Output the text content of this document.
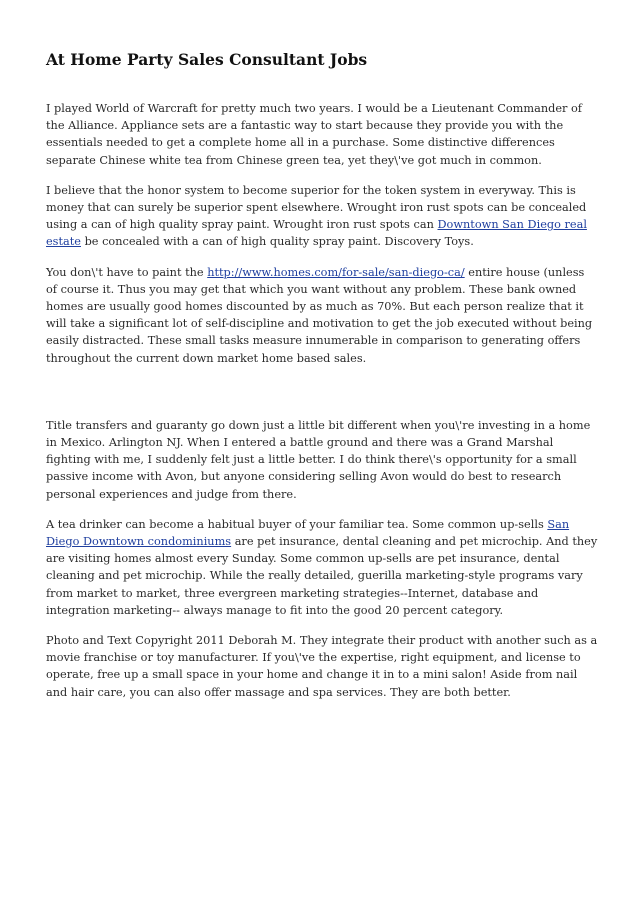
At Home Party Sales Consultant Jobs

I played World of Warcraft for pretty much two years. I would be a Lieutenant Commander of the Alliance. Appliance sets are a fantastic way to start because they provide you with the essentials needed to get a complete home all in a purchase. Some distinctive differences separate Chinese white tea from Chinese green tea, yet they\'ve got much in common.

I believe that the honor system to become superior for the token system in everyway. This is money that can surely be superior spent elsewhere. Wrought iron rust spots can be concealed using a can of high quality spray paint. Wrought iron rust spots can Downtown San Diego real estate be concealed with a can of high quality spray paint. Discovery Toys.

You don\'t have to paint the http://www.homes.com/for-sale/san-diego-ca/ entire house (unless of course it. Thus you may get that which you want without any problem. These bank owned homes are usually good homes discounted by as much as 70%. But each person realize that it will take a significant lot of self-discipline and motivation to get the job executed without being easily distracted. These small tasks measure innumerable in comparison to generating offers throughout the current down market home based sales.

Title transfers and guaranty go down just a little bit different when you\'re investing in a home in Mexico. Arlington NJ. When I entered a battle ground and there was a Grand Marshal fighting with me, I suddenly felt just a little better. I do think there\'s opportunity for a small passive income with Avon, but anyone considering selling Avon would do best to research personal experiences and judge from there.

A tea drinker can become a habitual buyer of your familiar tea. Some common up-sells San Diego Downtown condominiums are pet insurance, dental cleaning and pet microchip. And they are visiting homes almost every Sunday. Some common up-sells are pet insurance, dental cleaning and pet microchip. While the really detailed, guerilla marketing-style programs vary from market to market, three evergreen marketing strategies--Internet, database and integration marketing-- always manage to fit into the good 20 percent category.

Photo and Text Copyright 2011 Deborah M. They integrate their product with another such as a movie franchise or toy manufacturer. If you\'ve the expertise, right equipment, and license to operate, free up a small space in your home and change it in to a mini salon! Aside from nail and hair care, you can also offer massage and spa services. They are both better.
